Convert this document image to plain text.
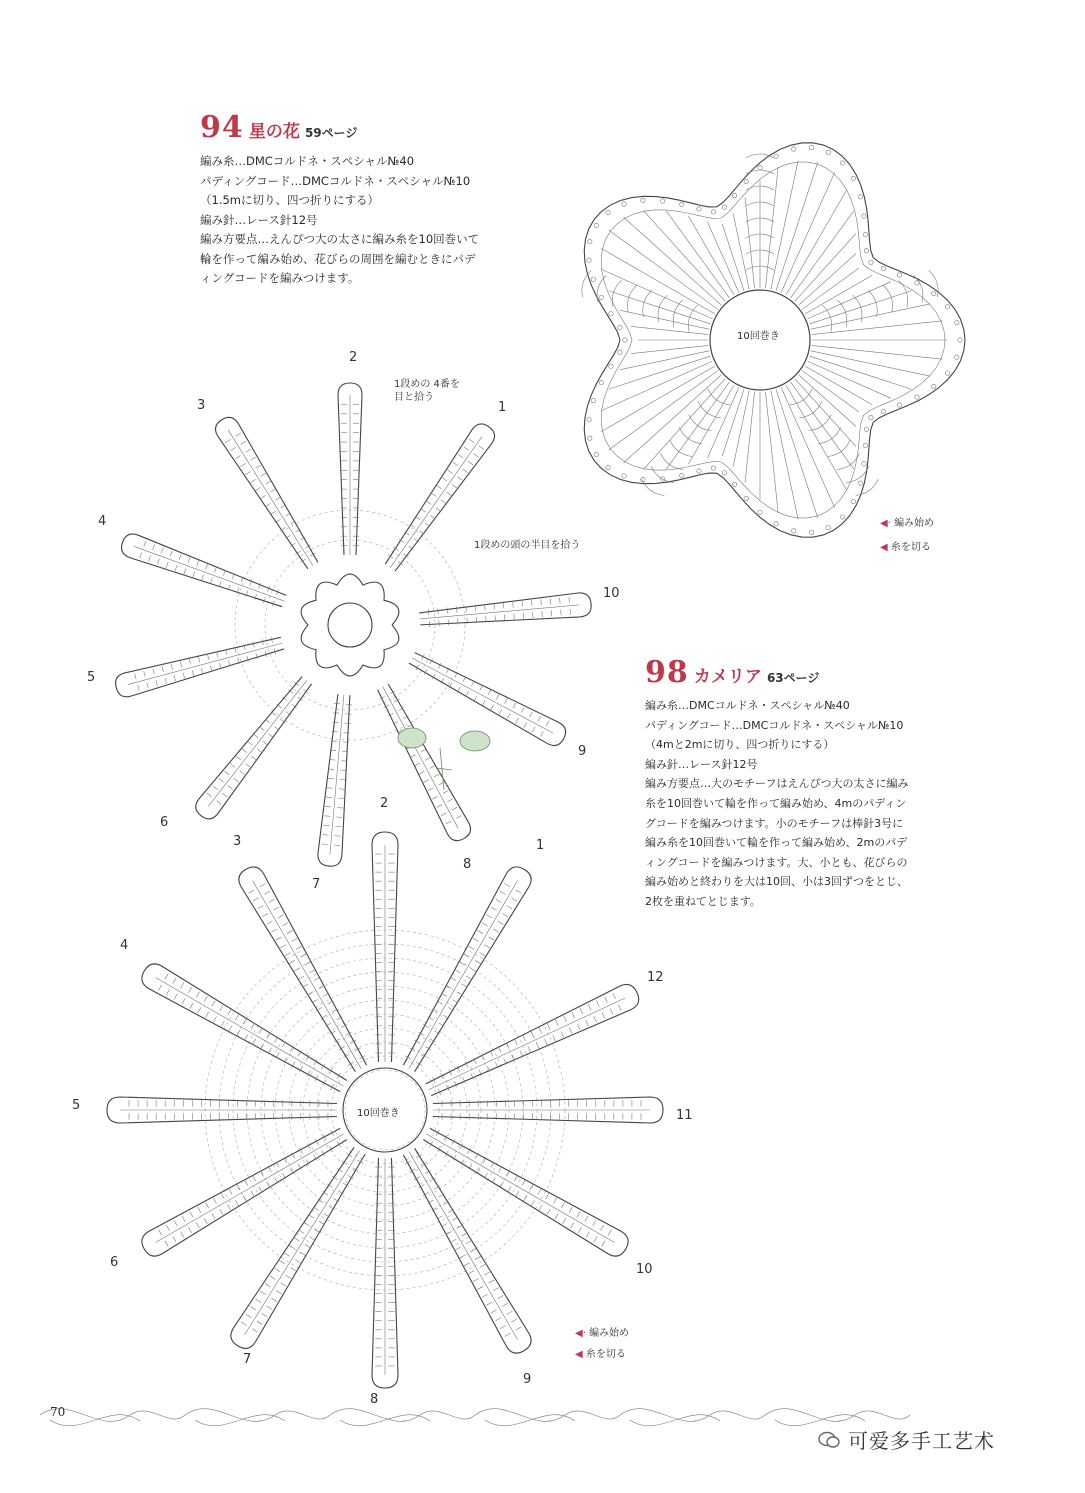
94 星の花 59ページ
編み糸…DMCコルドネ・スペシャル№40
パディングコード…DMCコルドネ・スペシャル№10
（1.5mに切り、四つ折りにする）
編み針…レース針12号
編み方要点…えんぴつ大の太さに編み糸を10回巻いて
輪を作って編み始め、花びらの周囲を編むときにパデ
ィングコードを編みつけます。
1段めの 4番を目と拾う
1段めの頭の半目を拾う
1
2
3
4
5
6
7
8
9
10
10回巻き
10回巻き
◀· 編み始め
◀ 糸を切る
98 カメリア 63ページ
編み糸…DMCコルドネ・スペシャル№40
パディングコード…DMCコルドネ・スペシャル№10
（4mと2mに切り、四つ折りにする）
編み針…レース針12号
編み方要点…大のモチーフはえんぴつ大の太さに編み
糸を10回巻いて輪を作って編み始め、4mのパディン
グコードを編みつけます。小のモチーフは棒針3号に
編み糸を10回巻いて輪を作って編み始め、2mのパデ
ィングコードを編みつけます。大、小とも、花びらの
編み始めと終わりを大は10回、小は3回ずつをとじ、
2枚を重ねてとじます。
1
2
3
4
5
6
7
8
9
10
11
12
◀· 編み始め
◀ 糸を切る
70
可爱多手工艺术
